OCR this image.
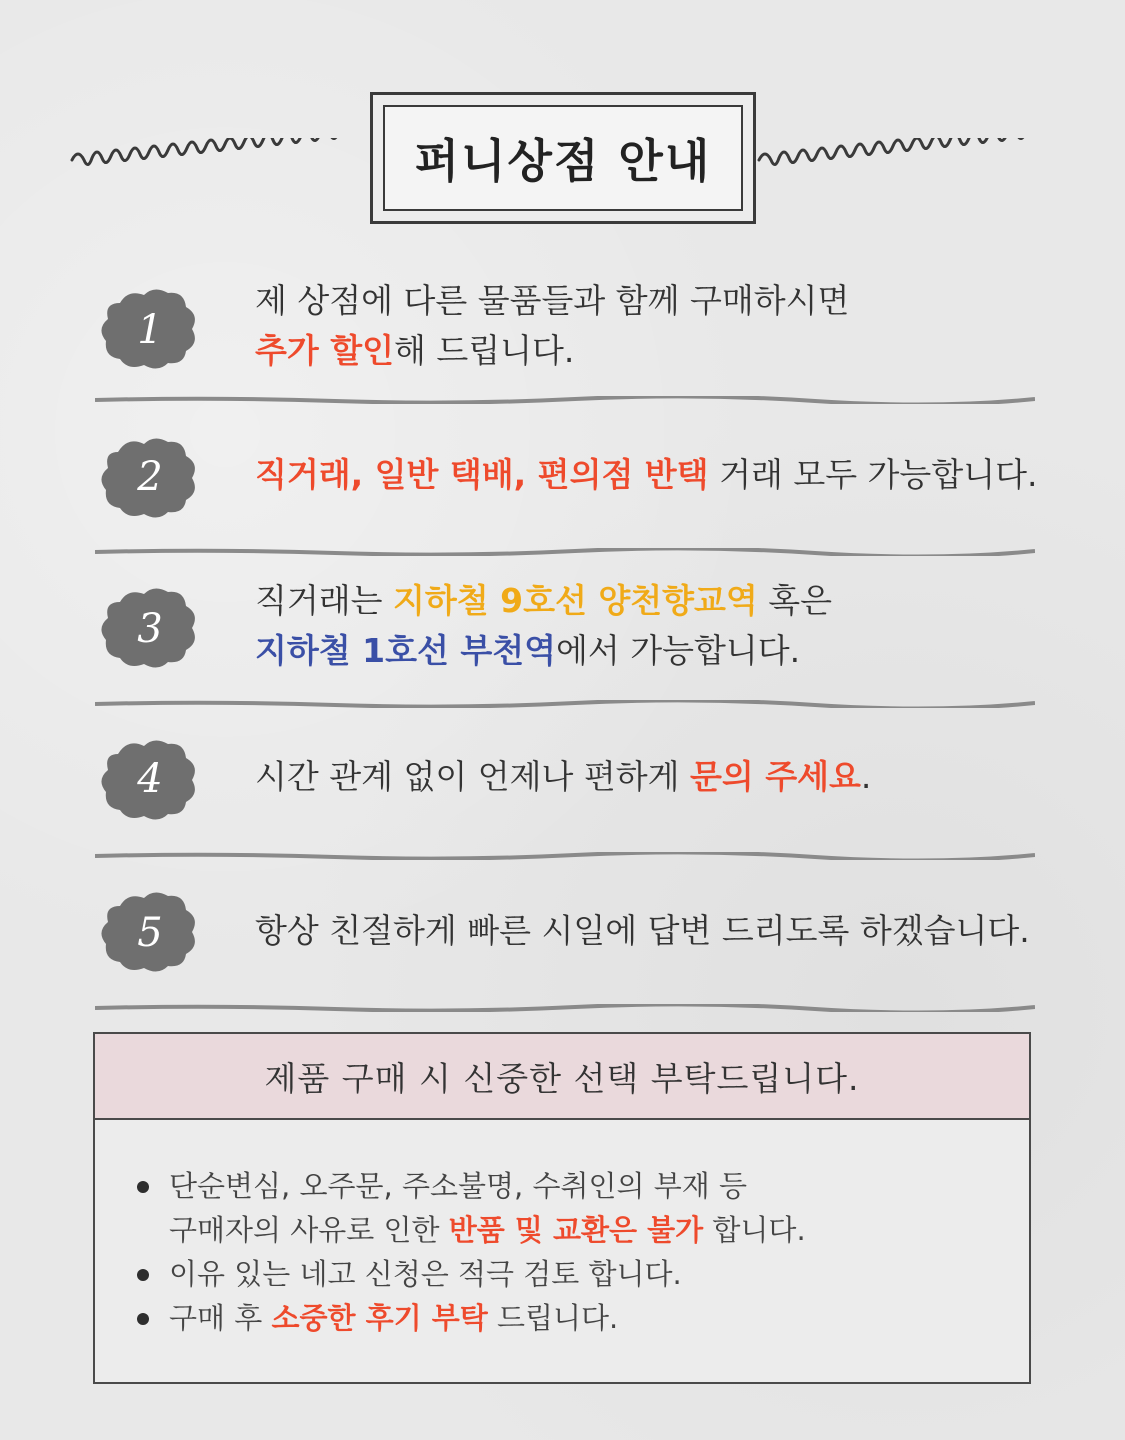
퍼니상점 안내
1
제 상점에 다른 물품들과 함께 구매하시면
추가 할인해 드립니다.
2	직거래, 일반 택배, 편의점 반택 거래 모두 가능합니다.
3
직거래는 지하철 9호선 양천향교역 혹은
지하철 1호선 부천역에서 가능합니다.
4	시간 관계 없이 언제나 편하게 문의 주세요.
5	항상 친절하게 빠른 시일에 답변 드리도록 하겠습니다.
제품 구매 시 신중한 선택 부탁드립니다.
단순변심, 오주문, 주소불명, 수취인의 부재 등
구매자의 사유로 인한 반품 및 교환은 불가 합니다.
이유 있는 네고 신청은 적극 검토 합니다.
구매 후 소중한 후기 부탁 드립니다.
